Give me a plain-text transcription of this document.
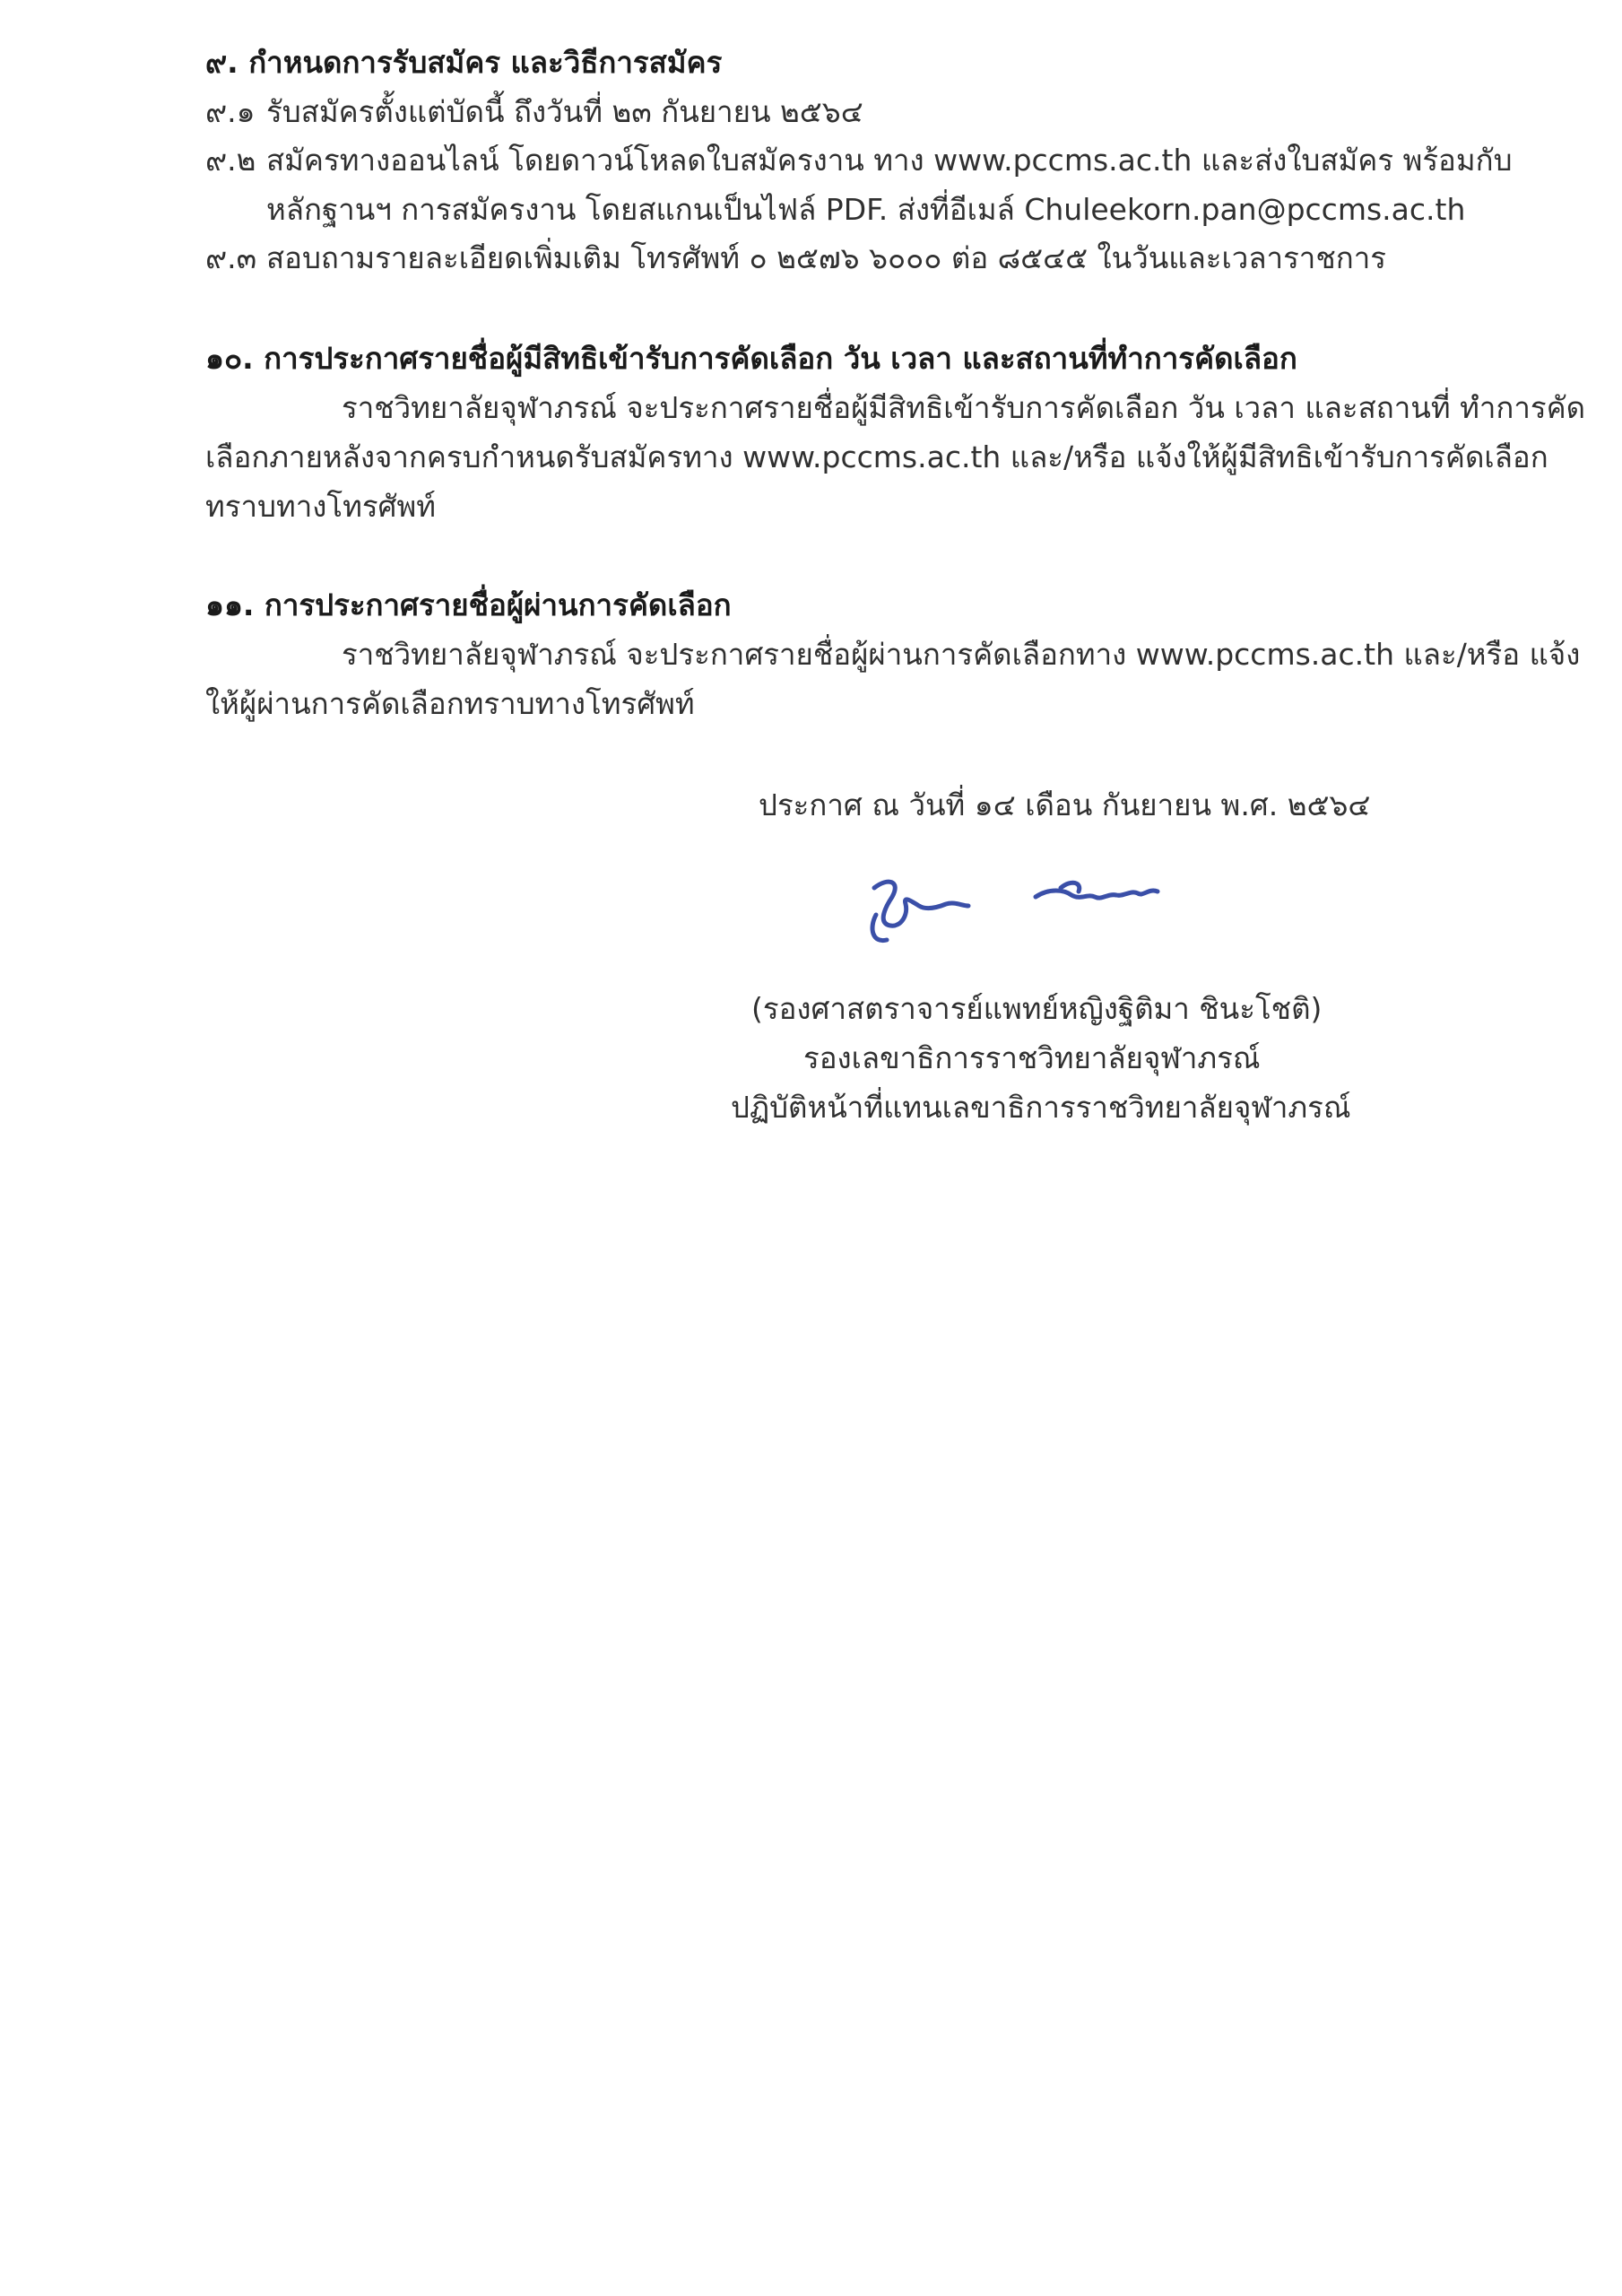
๙. กำหนดการรับสมัคร และวิธีการสมัคร
๙.๑ รับสมัครตั้งแต่บัดนี้ ถึงวันที่ ๒๓ กันยายน ๒๕๖๔
๙.๒ สมัครทางออนไลน์ โดยดาวน์โหลดใบสมัครงาน ทาง www.pccms.ac.th และส่งใบสมัคร พร้อมกับ
หลักฐานฯ การสมัครงาน โดยสแกนเป็นไฟล์ PDF. ส่งที่อีเมล์ Chuleekorn.pan@pccms.ac.th
๙.๓ สอบถามรายละเอียดเพิ่มเติม โทรศัพท์ ๐ ๒๕๗๖ ๖๐๐๐ ต่อ ๘๕๔๕ ในวันและเวลาราชการ
๑๐. การประกาศรายชื่อผู้มีสิทธิเข้ารับการคัดเลือก วัน เวลา และสถานที่ทำการคัดเลือก
ราชวิทยาลัยจุฬาภรณ์ จะประกาศรายชื่อผู้มีสิทธิเข้ารับการคัดเลือก วัน เวลา และสถานที่ ทำการคัด
เลือกภายหลังจากครบกำหนดรับสมัครทาง www.pccms.ac.th และ/หรือ แจ้งให้ผู้มีสิทธิเข้ารับการคัดเลือก
ทราบทางโทรศัพท์
๑๑. การประกาศรายชื่อผู้ผ่านการคัดเลือก
ราชวิทยาลัยจุฬาภรณ์ จะประกาศรายชื่อผู้ผ่านการคัดเลือกทาง www.pccms.ac.th และ/หรือ แจ้ง
ให้ผู้ผ่านการคัดเลือกทราบทางโทรศัพท์
ประกาศ ณ วันที่ ๑๔ เดือน กันยายน พ.ศ. ๒๕๖๔
(รองศาสตราจารย์แพทย์หญิงฐิติมา ชินะโชติ)
รองเลขาธิการราชวิทยาลัยจุฬาภรณ์
ปฏิบัติหน้าที่แทนเลขาธิการราชวิทยาลัยจุฬาภรณ์
